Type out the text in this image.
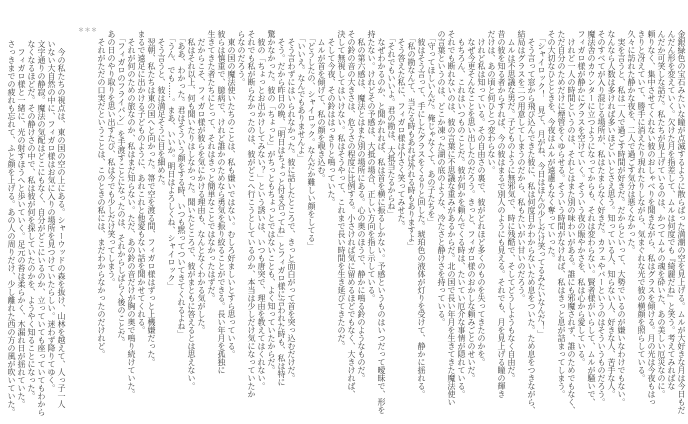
金銀緑色の宝石みたいな瞳が点滅するように散らばった満潮の空を見上げる。ムルが大好きな月は今日もだ
んだん形を変えていく。欠けた月を指差して、ムルは何度でも『綺麗だね』と笑う。考えてみればな
んだか可笑しな話だ。私たちが見上げているのは、かつてムルの魂を砕いた、あの美しい厄災なのに。
頼りなく、集中させてくれない彼のおしゃべりを聞きながら、私はグラスを傾ける。月の光は今夜もはっ
きりと冴えていて、勝手に消えたり現れたりしながら、気まぐれな光で彼の横顔を照らしている。
久々に訪れた静かな夜を、二人で過ごす気分は悪くなかった。
　実を言うと、私は一人で過ごす時間が好きだ。だからといって、大勢でいるのが嫌いなわけでもない。
なんなら人数は多ければ多いほどいいとさえ思う。知っている人、知らない人、好きな人、苦手な人。
そのすべてが入り混じる場所が、私はたまらなく好きだ。カフェやバーというのはそういうものだろう。
魔法舎のカウンターに立つようになってからも、それは変わらない。賢者様がいらして、ムルが騒いで、
フィガロ様が静かにグラスを空けていく。そういう夜の賑やかさを、私は心から愛している。
　けれど一人の時間というのは、それとはまた別の味わいがある。誰にも邪魔されず、誰のためでもなく、
ただ自分のためだけに煙管をくゆらせる。そういう時間がなければ、私はきっと息が詰まってしまう。
その大切なひとときを、今夜はムルが遠慮もなく奪っていった。
　「シャイロック！　見て、月がね、今日はほんの少しだけ笑ってるみたいなんだ！」
　そう言って窓から飛び込んできた彼に、私は何度目かわからないため息をついた。ため息をつきながら、
結局はグラスを二つ用意してしまうのだから、私もたいがい甘いのだろう。
　ムルは不思議な男だ。子どものように無邪気で、時に残酷で、そしてどうしようもなく自由だ。
昔の彼を知る者からすれば、今の彼はまるで別人のようにも見える。それでも、月を見上げる瞳の輝き
だけは、あの頃と何ひとつ変わらない。
　けれど私は知っている。その自由さの裏で、彼がどれほど多くのものを失ってきたのかを。
　なぜ今更そんなことを思い出したのだろう。きっと、フィガロ様のおかしな頼みごとのせいだ。
　もちろん、これはいつものことだ。彼が何かを頼んでくる時は、たいてい厄介な事情が隠れている。
それでも断れないのは、彼の言葉に不思議な重みがあるからだ。北の国で長い年月を生きてきた魔法使い
の言葉というのは、どこか凍った湖の底のような、冷たさと静けさを持っている。
　「守ってほしいんだ。俺じゃなくて、あの子たちを」
　彼はそう言って、手にしたグラスをくるりと回した。琥珀色の液体が灯りを受けて、静かに揺れる。
　「私の勘なんて、当たる時もあれば外れる時もありますよ」
　そう答えた私に、フィガロ様は小さく笑ってみせた。
　「それでもいいよ。君の勘は、大抵当たるからね」
　なぜわかるのか、と聞かれれば、私は首を横に振るしかない。予感というものはいつだって曖昧で、形を
持たない。けれどその予感は、大抵の場合、正しい方向を指し示している。
　私の第六感は、魔法とはまた別の場所にある。心の奥のほうで、静かに鳴る鈴のようなものだ。
その鈴の音の大きさは、危うさの程度に比例する。小さければ気に留めるほどでもなく、大きければ、
決して無視してはいけない。私はそうやって、これまで長い時間を生き延びてきたのだ。
　そして今夜、その鈴ははっきりと鳴っていた。
　ムルが首を傾げて、私の顔を覗き込む。
　「どうしたの、シャイロック。なんだか難しい顔をしてる」
　「いいえ。なんでもありませんよ」
　そう言わずにはいられなかった。彼に話したところで、きっと面白がって首を突っ込むだけだ。
　そう。だから昨日の晩、「明日はちょっと付き合ってね」とフィガロ様に言われた時も、私は特に
驚かなかった。彼の「ちょっと」がちっともちょっとではないことも、よく知っていたからだ。
　彼の「ちょっとお出かけしてみない？」という誘いは、いつも唐突で、理由を教えてはくれない。
それでも私が断らなかったのは、彼がどこへ行こうとしているのか、本当は少しだけ気になっていたか
らなのだろう。
　東の国の魔法使いたちのことは、私も嫌いではない。むしろ好ましいとすら思っている。
彼らは慎重で、臆病で、けれど誰かのためなら勇気を振り絞ることができる。長い年月を孤独に
生きてきた者たちにとって、それはきっと簡単なことではなかったはずだ。
　だからこそ、フィガロ様が彼らを気にかける理由も、なんとなくわかる気がした。
　私はそれ以上、何も聞いたりはしなかった。聞いたところで、彼がまともに答えるとは思えない。
　「ああ、わかった。君はそういう顔をする時、いつも黙ってついてきてくれるよね」
　「うん、でも……。まあ、いいか。明日はよろしくね、シャイロック」
　そう言うと、彼は満足そうに目を細めた。
　翌朝、私たちは東の国へと向かった。箒で空を渡る間、フィガロ様はずっと上機嫌だった。
まるで遠足に出かける子どものように、あれこれと他愛もない話を聞かせてくれる。
　それが何のための旅なのか、私はまだ知らない。ただ、あの鈴の音だけが胸の奥で鳴り続けていた。
　「フィガロのフライパン」を手渡すことになったのは、それからしばらく後のことだ。
あの日のやり取りを思い出すたび、私は今でも少しだけ笑ってしまう。
　それがただの口実だということは、このときの私には、まだわからなかったのだけれど。
＊＊＊
　今の私たちの視点は、東の国の空の上にある。シャーウッドの森を抜け、山林を越えて、人っ子一人
いない大自然の中に、フィガロ様はお気に入りの場所を見つけていたらしい。迷わず降りてゆく。
文字通りの静寂。魔法の気配はどこにもなく、自分がどこにいるのか、立っていても座っていてもわから
なくなるほどだ。その静けさの中で、私は彼が何を探していたのかを、ようやく知ることになった。
　フィガロ様と一緒に、光の射すほうへと歩いていく。足元の苔は柔らかく、木漏れ日が揺れていた。
さっきまでの疲れも忘れて、ふと顔を上げる。あの人の周りだけ、少し離れた西の方の風が吹いていた。
